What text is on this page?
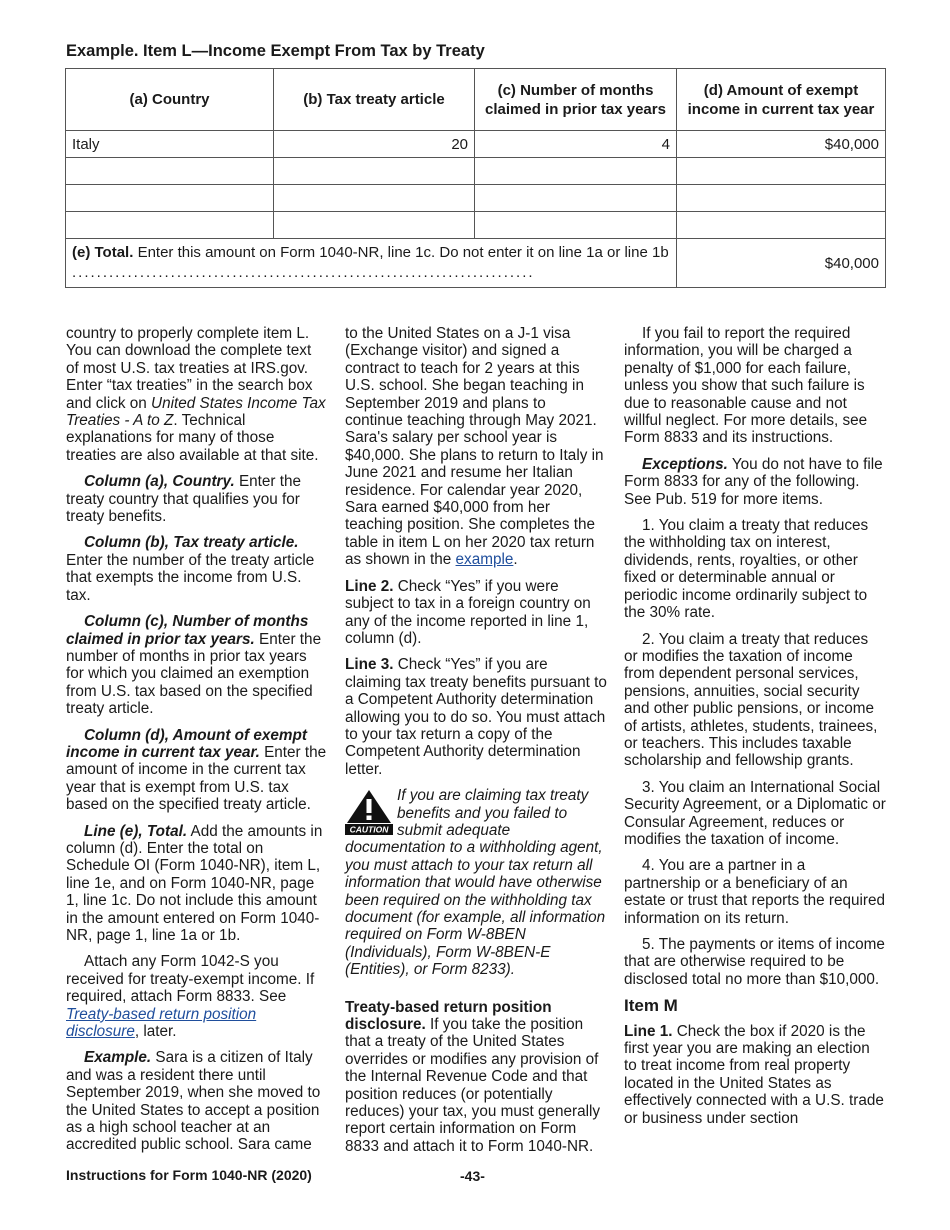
Example. Item L—Income Exempt From Tax by Treaty
(a) Country	(b) Tax treaty article	(c) Number of months claimed in prior tax years	(d) Amount of exempt income in current tax year
Italy	20	4	$40,000

(e) Total. Enter this amount on Form 1040-NR, line 1c. Do not enter it on line 1a or line 1b ...........................................................................			$40,000

country to properly complete item L. You can download the complete text of most U.S. tax treaties at IRS.gov. Enter “tax treaties” in the search box and click on United States Income Tax Treaties - A to Z. Technical explanations for many of those treaties are also available at that site.

Column (a), Country. Enter the treaty country that qualifies you for treaty benefits.

Column (b), Tax treaty article. Enter the number of the treaty article that exempts the income from U.S. tax.

Column (c), Number of months claimed in prior tax years. Enter the number of months in prior tax years for which you claimed an exemption from U.S. tax based on the specified treaty article.

Column (d), Amount of exempt income in current tax year. Enter the amount of income in the current tax year that is exempt from U.S. tax based on the specified treaty article.

Line (e), Total. Add the amounts in column (d). Enter the total on Schedule OI (Form 1040-NR), item L, line 1e, and on Form 1040-NR, page 1, line 1c. Do not include this amount in the amount entered on Form 1040-NR, page 1, line 1a or 1b.

Attach any Form 1042-S you received for treaty-exempt income. If required, attach Form 8833. See Treaty-based return position disclosure, later.

Example. Sara is a citizen of Italy and was a resident there until September 2019, when she moved to the United States to accept a position as a high school teacher at an accredited public school. Sara came

to the United States on a J-1 visa (Exchange visitor) and signed a contract to teach for 2 years at this U.S. school. She began teaching in September 2019 and plans to continue teaching through May 2021. Sara's salary per school year is $40,000. She plans to return to Italy in June 2021 and resume her Italian residence. For calendar year 2020, Sara earned $40,000 from her teaching position. She completes the table in item L on her 2020 tax return as shown in the example.

Line 2. Check “Yes” if you were subject to tax in a foreign country on any of the income reported in line 1, column (d).

Line 3. Check “Yes” if you are claiming tax treaty benefits pursuant to a Competent Authority determination allowing you to do so. You must attach to your tax return a copy of the Competent Authority determination letter.

CAUTION
If you are claiming tax treaty benefits and you failed to submit adequate documentation to a withholding agent, you must attach to your tax return all information that would have otherwise been required on the withholding tax document (for example, all information required on Form W-8BEN (Individuals), Form W-8BEN-E (Entities), or Form 8233).

Treaty-based return position disclosure. If you take the position that a treaty of the United States overrides or modifies any provision of the Internal Revenue Code and that position reduces (or potentially reduces) your tax, you must generally report certain information on Form 8833 and attach it to Form 1040-NR.

If you fail to report the required information, you will be charged a penalty of $1,000 for each failure, unless you show that such failure is due to reasonable cause and not willful neglect. For more details, see Form 8833 and its instructions.

Exceptions. You do not have to file Form 8833 for any of the following. See Pub. 519 for more items.

1. You claim a treaty that reduces the withholding tax on interest, dividends, rents, royalties, or other fixed or determinable annual or periodic income ordinarily subject to the 30% rate.

2. You claim a treaty that reduces or modifies the taxation of income from dependent personal services, pensions, annuities, social security and other public pensions, or income of artists, athletes, students, trainees, or teachers. This includes taxable scholarship and fellowship grants.

3. You claim an International Social Security Agreement, or a Diplomatic or Consular Agreement, reduces or modifies the taxation of income.

4. You are a partner in a partnership or a beneficiary of an estate or trust that reports the required information on its return.

5. The payments or items of income that are otherwise required to be disclosed total no more than $10,000.

Item M

Line 1. Check the box if 2020 is the first year you are making an election to treat income from real property located in the United States as effectively connected with a U.S. trade or business under section

Instructions for Form 1040-NR (2020)	-43-
